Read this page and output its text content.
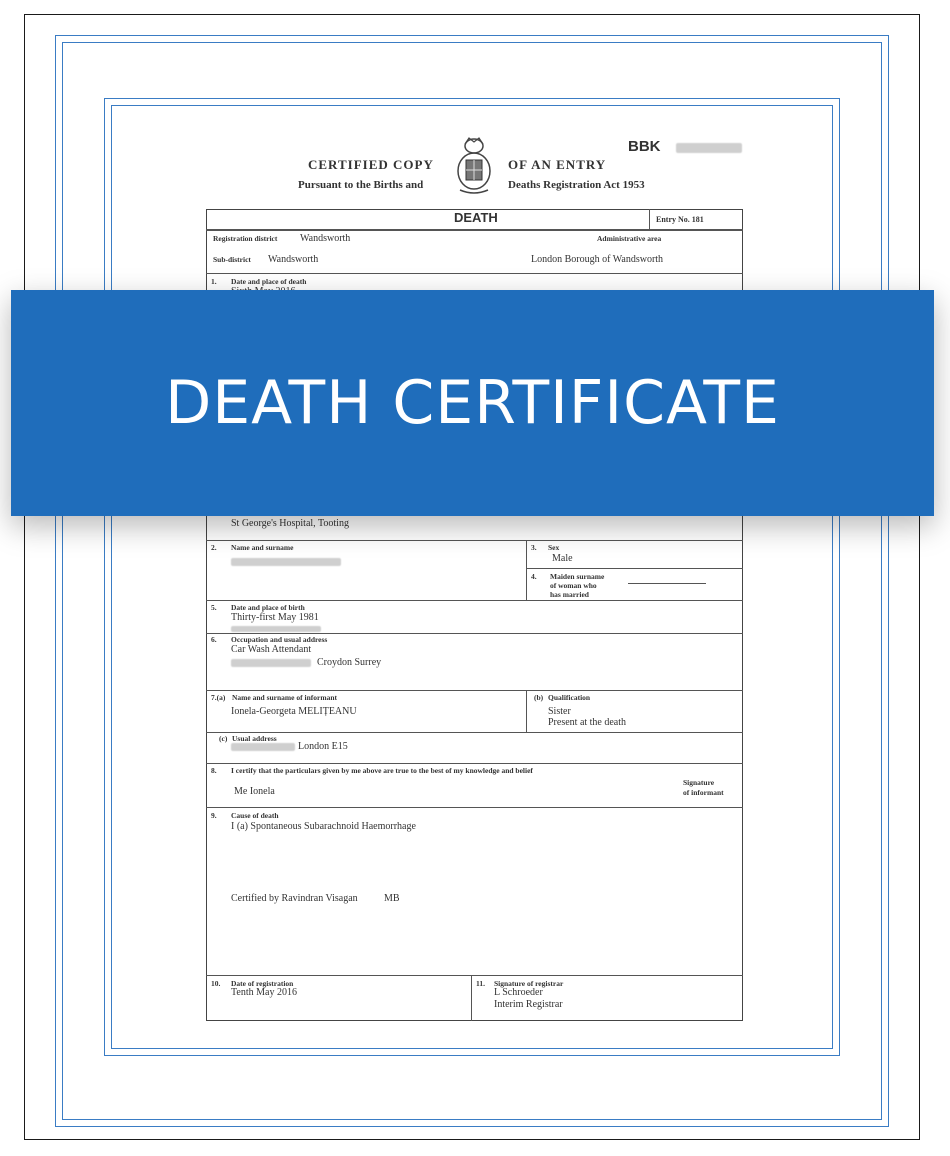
CERTIFIED COPY	OF AN ENTRY
Pursuant to the Births and	Deaths Registration Act 1953
BBK
DEATH	Entry No. 181
Registration district Wandsworth	Administrative area
Sub-district Wandsworth	London Borough of Wandsworth
1. Date and place of death
St George's Hospital, Tooting
2. Name and surname	3. Sex
Male
4. Maiden surname
of woman who
has married
5. Date and place of birth
Thirty-first May 1981
6. Occupation and usual address
Car Wash Attendant
Croydon Surrey
7.(a) Name and surname of informant
Ionela-Georgeta MELIȚEANU
(b) Qualification
Sister
Present at the death
(c) Usual address
London E15
8. I certify that the particulars given by me above are true to the best of my knowledge and belief
Me Ionela
Signature
of informant
9. Cause of death
I (a) Spontaneous Subarachnoid Haemorrhage
Certified by Ravindran Visagan	MB
10. Date of registration
Tenth May 2016
11. Signature of registrar
L Schroeder
Interim Registrar
DEATH CERTIFICATE
